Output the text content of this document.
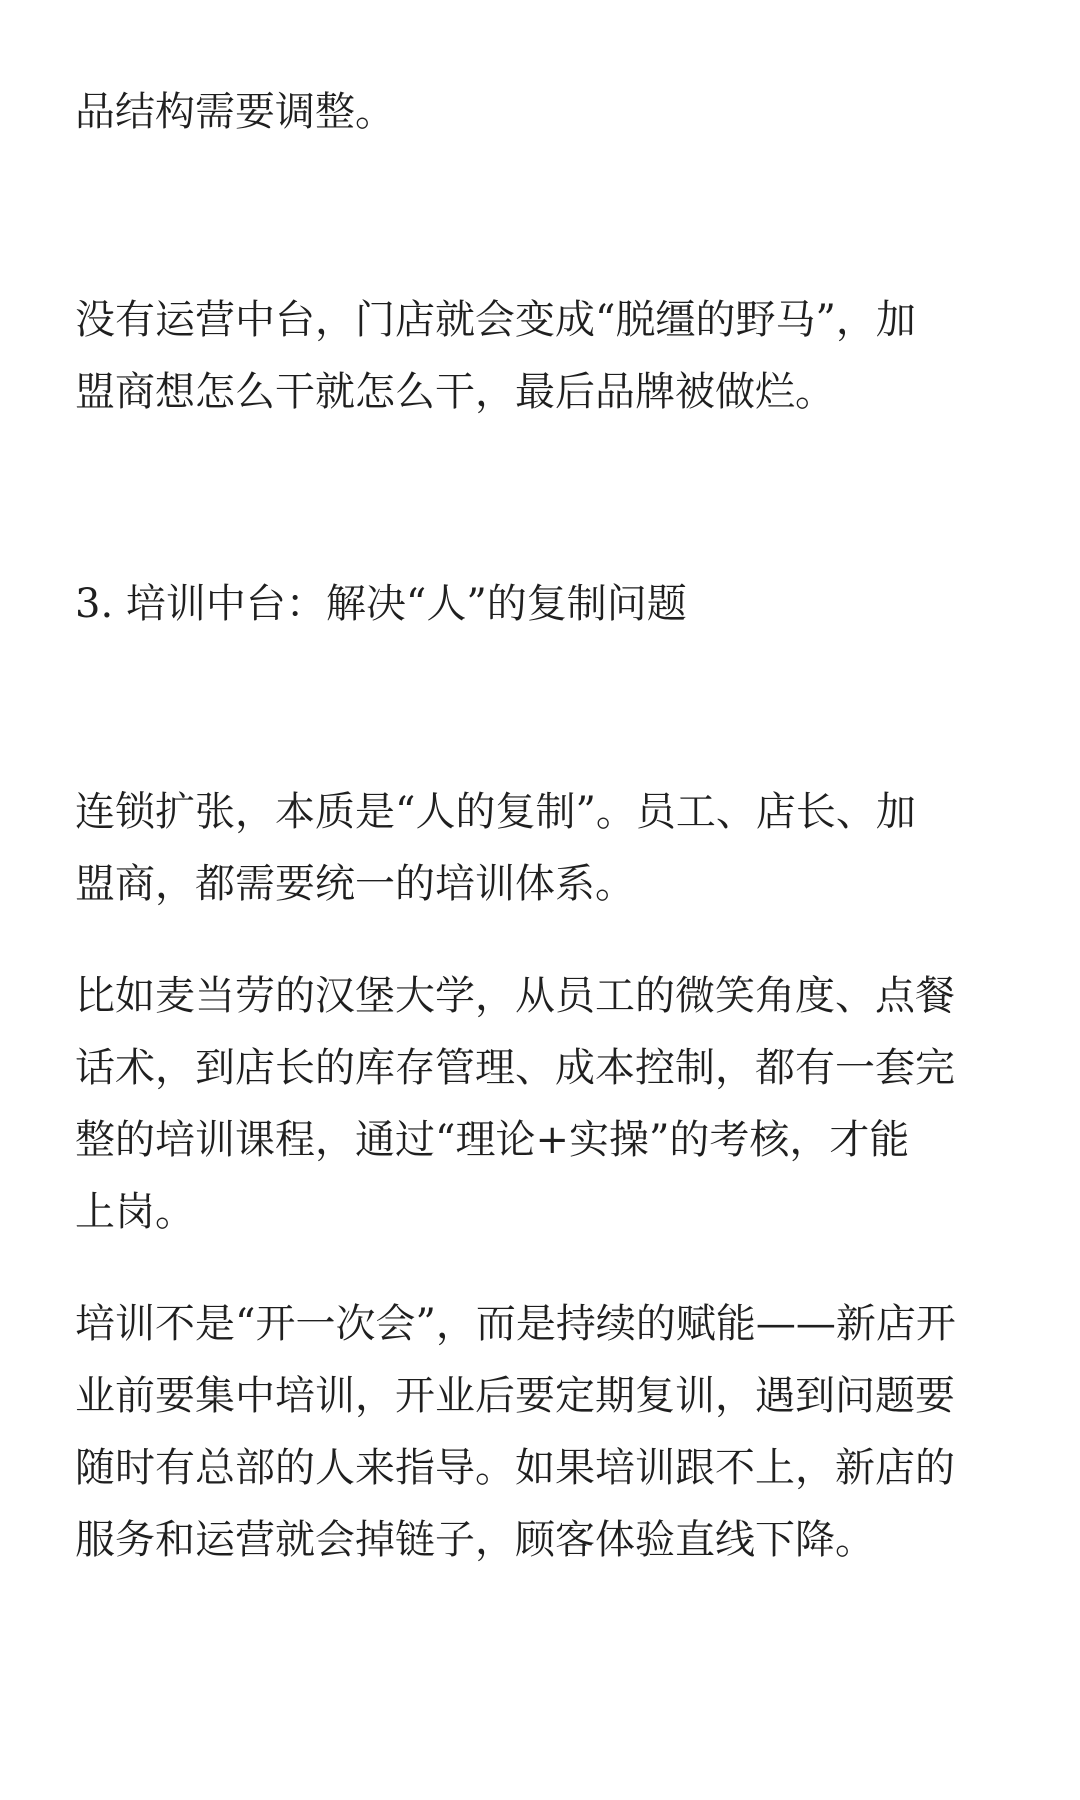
品结构需要调整。
没有运营中台，门店就会变成“脱缰的野马”，加
盟商想怎么干就怎么干，最后品牌被做烂。
3. 培训中台：解决“人”的复制问题
连锁扩张，本质是“人的复制”。员工、店长、加
盟商，都需要统一的培训体系。
比如麦当劳的汉堡大学，从员工的微笑角度、点餐
话术，到店长的库存管理、成本控制，都有一套完
整的培训课程，通过“理论+实操”的考核，才能
上岗。
培训不是“开一次会”，而是持续的赋能——新店开
业前要集中培训，开业后要定期复训，遇到问题要
随时有总部的人来指导。如果培训跟不上，新店的
服务和运营就会掉链子，顾客体验直线下降。
